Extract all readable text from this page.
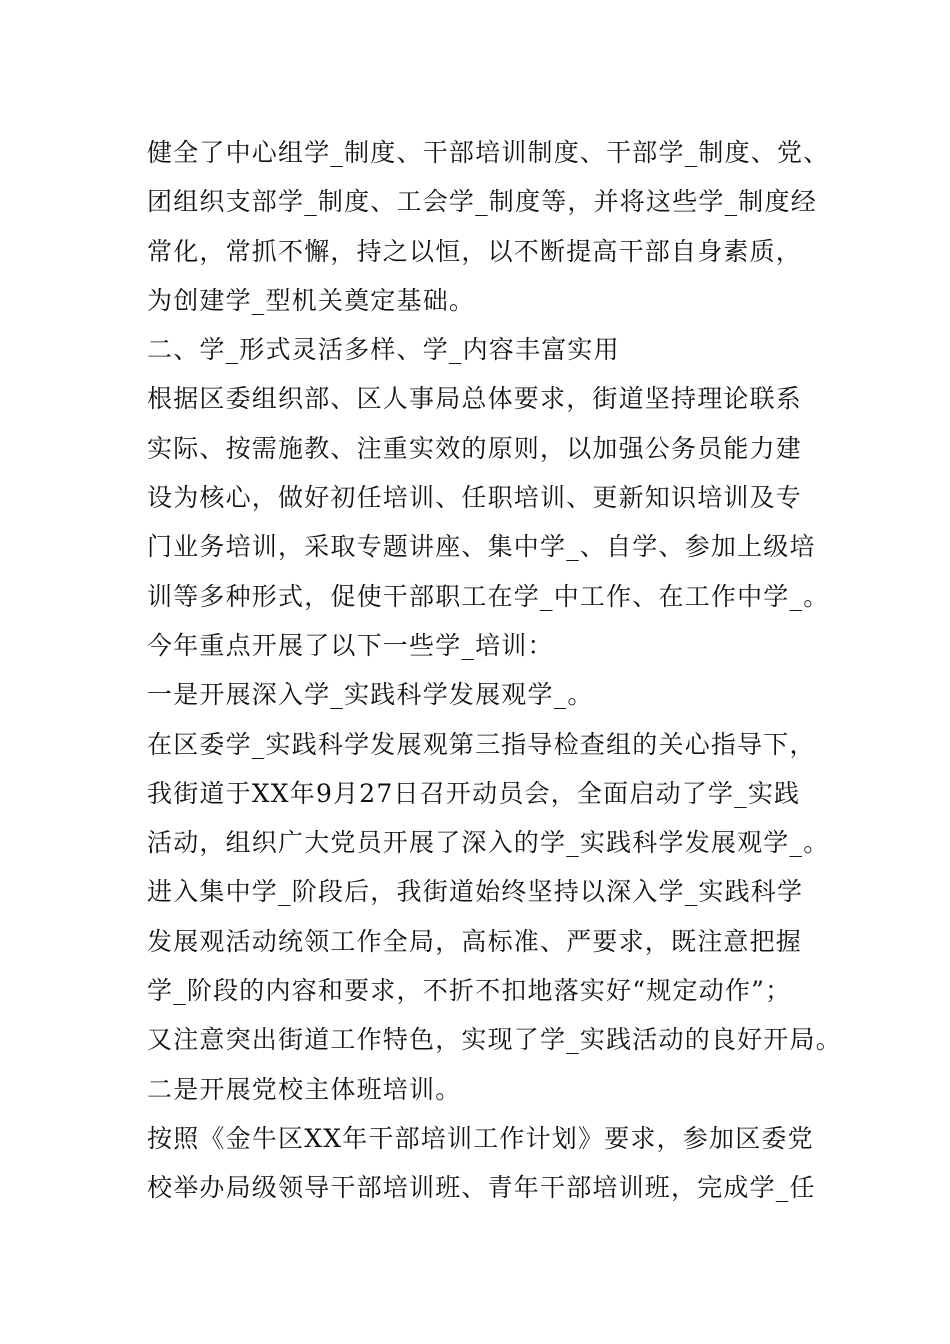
健全了中心组学_制度、干部培训制度、干部学_制度、党、
团组织支部学_制度、工会学_制度等，并将这些学_制度经
常化，常抓不懈，持之以恒，以不断提高干部自身素质，
为创建学_型机关奠定基础。
二、学_形式灵活多样、学_内容丰富实用
根据区委组织部、区人事局总体要求，街道坚持理论联系
实际、按需施教、注重实效的原则，以加强公务员能力建
设为核心，做好初任培训、任职培训、更新知识培训及专
门业务培训，采取专题讲座、集中学_、自学、参加上级培
训等多种形式，促使干部职工在学_中工作、在工作中学_。
今年重点开展了以下一些学_培训：
一是开展深入学_实践科学发展观学_。
在区委学_实践科学发展观第三指导检查组的关心指导下，
我街道于XX年9月27日召开动员会，全面启动了学_实践
活动，组织广大党员开展了深入的学_实践科学发展观学_。
进入集中学_阶段后，我街道始终坚持以深入学_实践科学
发展观活动统领工作全局，高标准、严要求，既注意把握
学_阶段的内容和要求，不折不扣地落实好“规定动作”；
又注意突出街道工作特色，实现了学_实践活动的良好开局。
二是开展党校主体班培训。
按照《金牛区XX年干部培训工作计划》要求，参加区委党
校举办局级领导干部培训班、青年干部培训班，完成学_任
